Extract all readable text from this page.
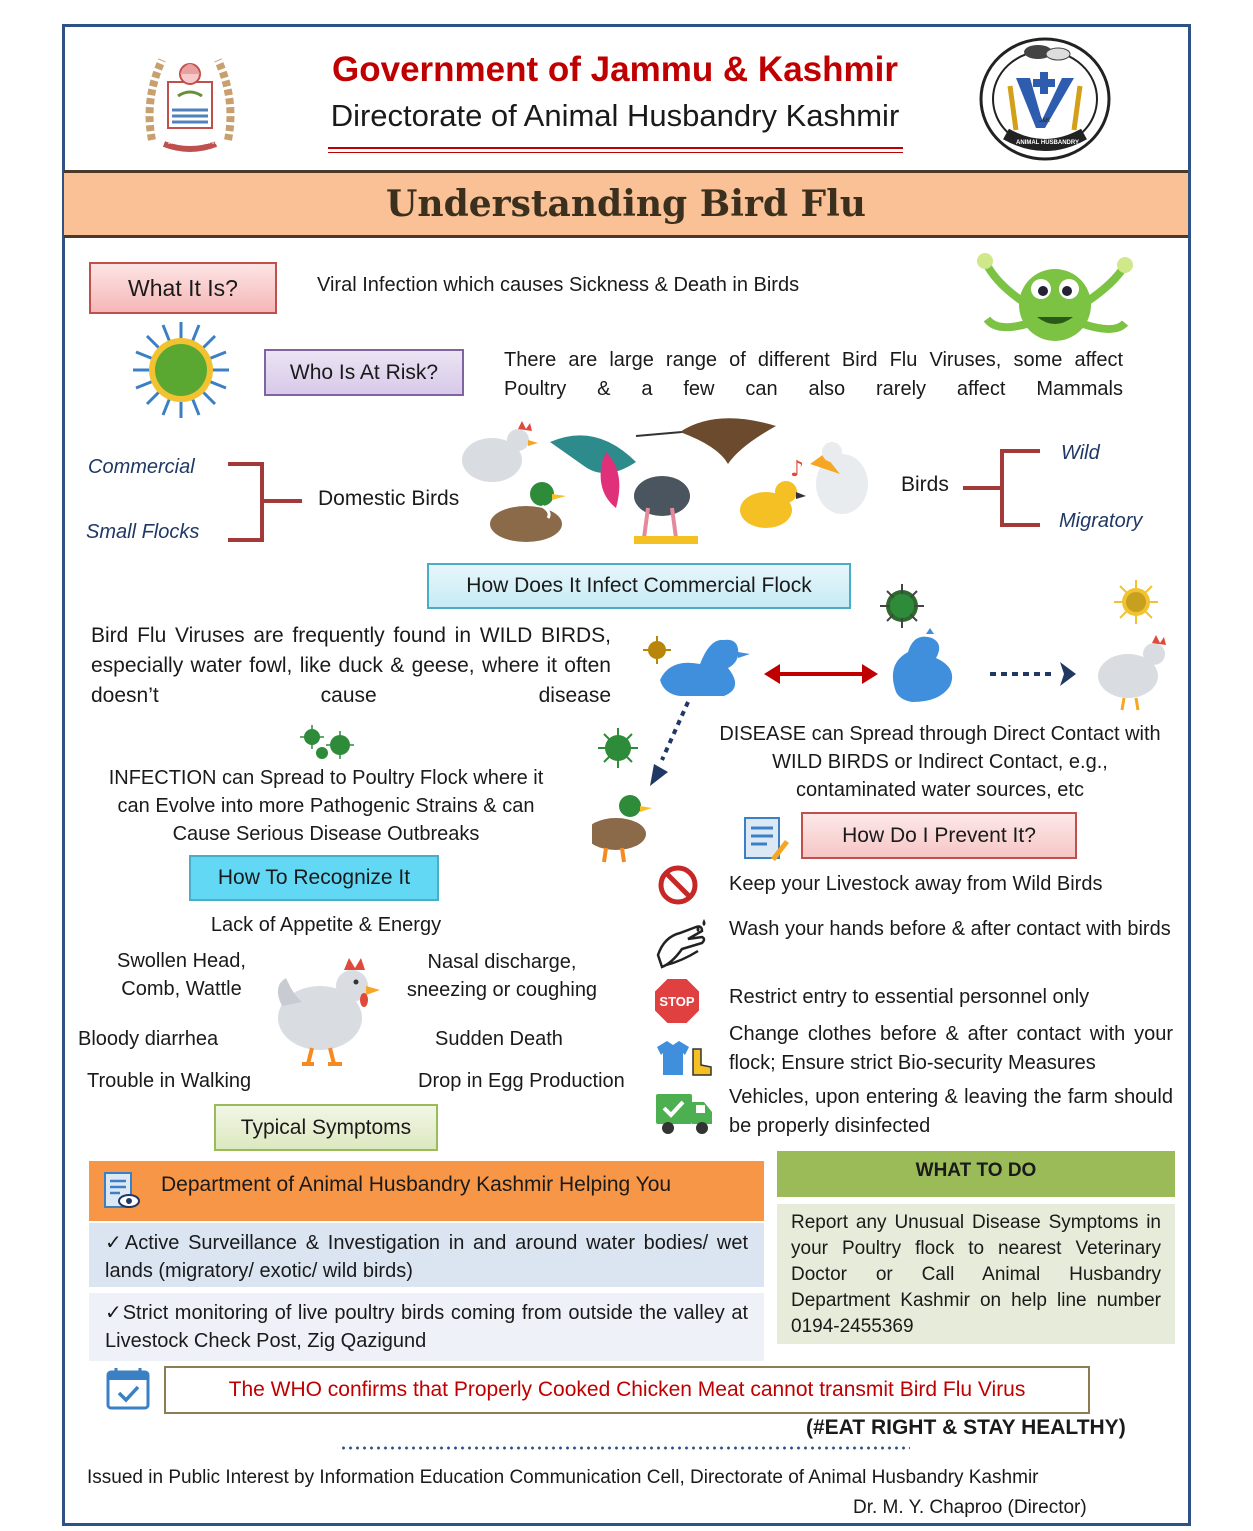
JAMMU & KASHMIR
Government of Jammu & Kashmir
Directorate of Animal Husbandry Kashmir	J&K
ANIMAL HUSBANDRY
Understanding Bird Flu
What It Is?	Viral Infection which causes Sickness & Death in Birds
Who Is At Risk?
There are large range of different Bird Flu Viruses, some affect Poultry & a few can also rarely affect Mammals
Commercial
Small Flocks
Domestic Birds
♪
Birds
Wild
Migratory
How Does It Infect Commercial Flock
Bird Flu Viruses are frequently found in WILD BIRDS, especially water fowl, like duck & geese, where it often doesn’t cause disease
DISEASE can Spread through Direct Contact with WILD BIRDS or Indirect Contact, e.g., contaminated water sources, etc
INFECTION can Spread to Poultry Flock where it can Evolve into more Pathogenic Strains & can Cause Serious Disease Outbreaks
How To Recognize It
Lack of Appetite & Energy
Swollen Head, Comb, Wattle
Nasal discharge, sneezing or coughing
Bloody diarrhea	Sudden Death
Trouble in Walking	Drop in Egg Production
Typical Symptoms
How Do I Prevent It?
Keep your Livestock away from Wild Birds
Wash your hands before & after contact with birds
STOP Restrict entry to essential personnel only
Change clothes before & after contact with your flock; Ensure strict Bio-security Measures
Vehicles, upon entering & leaving the farm should be properly disinfected
Department of Animal Husbandry Kashmir Helping You
✓Active Surveillance & Investigation in and around water bodies/ wet lands (migratory/ exotic/ wild birds)
✓Strict monitoring of live poultry birds coming from outside the valley at Livestock Check Post, Zig Qazigund
WHAT TO DO
Report any Unusual Disease Symptoms in your Poultry flock to nearest Veterinary Doctor or Call Animal Husbandry Department Kashmir on help line number 0194-2455369
The WHO confirms that Properly Cooked Chicken Meat cannot transmit Bird Flu Virus
(#EAT RIGHT & STAY HEALTHY)
Issued in Public Interest by Information Education Communication Cell, Directorate of Animal Husbandry Kashmir
Dr. M. Y. Chaproo (Director)
